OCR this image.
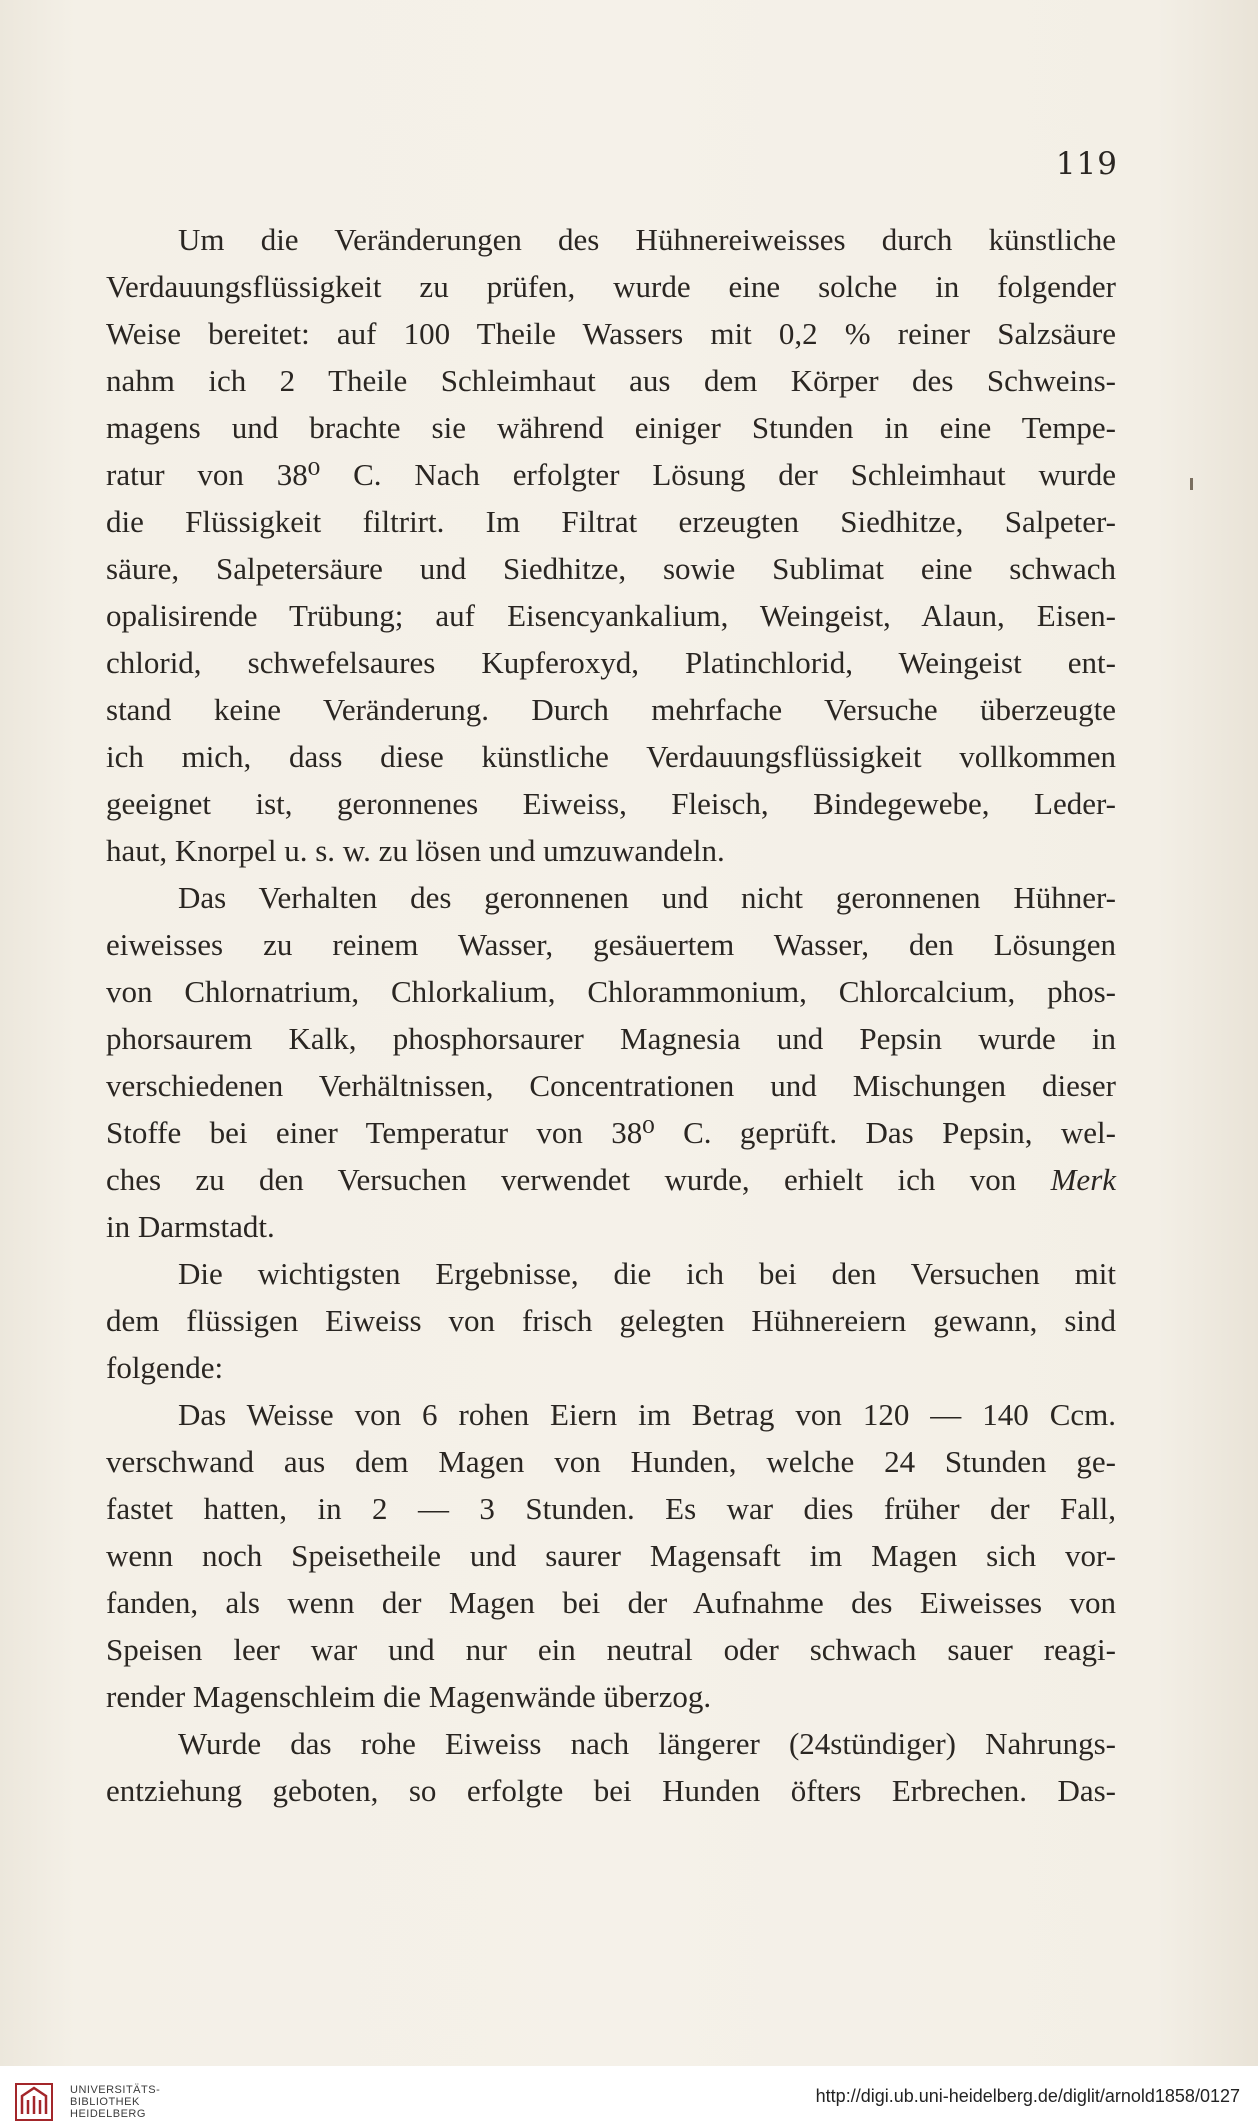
119
Um die Veränderungen des Hühnereiweisses durch künstliche
Verdauungsflüssigkeit zu prüfen, wurde eine solche in folgender
Weise bereitet: auf 100 Theile Wassers mit 0,2 % reiner Salzsäure
nahm ich 2 Theile Schleimhaut aus dem Körper des Schweins-
magens und brachte sie während einiger Stunden in eine Tempe-
ratur von 38⁰ C. Nach erfolgter Lösung der Schleimhaut wurde
die Flüssigkeit filtrirt. Im Filtrat erzeugten Siedhitze, Salpeter-
säure, Salpetersäure und Siedhitze, sowie Sublimat eine schwach
opalisirende Trübung; auf Eisencyankalium, Weingeist, Alaun, Eisen-
chlorid, schwefelsaures Kupferoxyd, Platinchlorid, Weingeist ent-
stand keine Veränderung. Durch mehrfache Versuche überzeugte
ich mich, dass diese künstliche Verdauungsflüssigkeit vollkommen
geeignet ist, geronnenes Eiweiss, Fleisch, Bindegewebe, Leder-
haut, Knorpel u. s. w. zu lösen und umzuwandeln.
Das Verhalten des geronnenen und nicht geronnenen Hühner-
eiweisses zu reinem Wasser, gesäuertem Wasser, den Lösungen
von Chlornatrium, Chlorkalium, Chlorammonium, Chlorcalcium, phos-
phorsaurem Kalk, phosphorsaurer Magnesia und Pepsin wurde in
verschiedenen Verhältnissen, Concentrationen und Mischungen dieser
Stoffe bei einer Temperatur von 38⁰ C. geprüft. Das Pepsin, wel-
ches zu den Versuchen verwendet wurde, erhielt ich von Merk
in Darmstadt.
Die wichtigsten Ergebnisse, die ich bei den Versuchen mit
dem flüssigen Eiweiss von frisch gelegten Hühnereiern gewann, sind
folgende:
Das Weisse von 6 rohen Eiern im Betrag von 120 — 140 Ccm.
verschwand aus dem Magen von Hunden, welche 24 Stunden ge-
fastet hatten, in 2 — 3 Stunden. Es war dies früher der Fall,
wenn noch Speisetheile und saurer Magensaft im Magen sich vor-
fanden, als wenn der Magen bei der Aufnahme des Eiweisses von
Speisen leer war und nur ein neutral oder schwach sauer reagi-
render Magenschleim die Magenwände überzog.
Wurde das rohe Eiweiss nach längerer (24stündiger) Nahrungs-
entziehung geboten, so erfolgte bei Hunden öfters Erbrechen. Das-
UNIVERSITÄTS-
BIBLIOTHEK
HEIDELBERG
http://digi.ub.uni-heidelberg.de/diglit/arnold1858/0127
